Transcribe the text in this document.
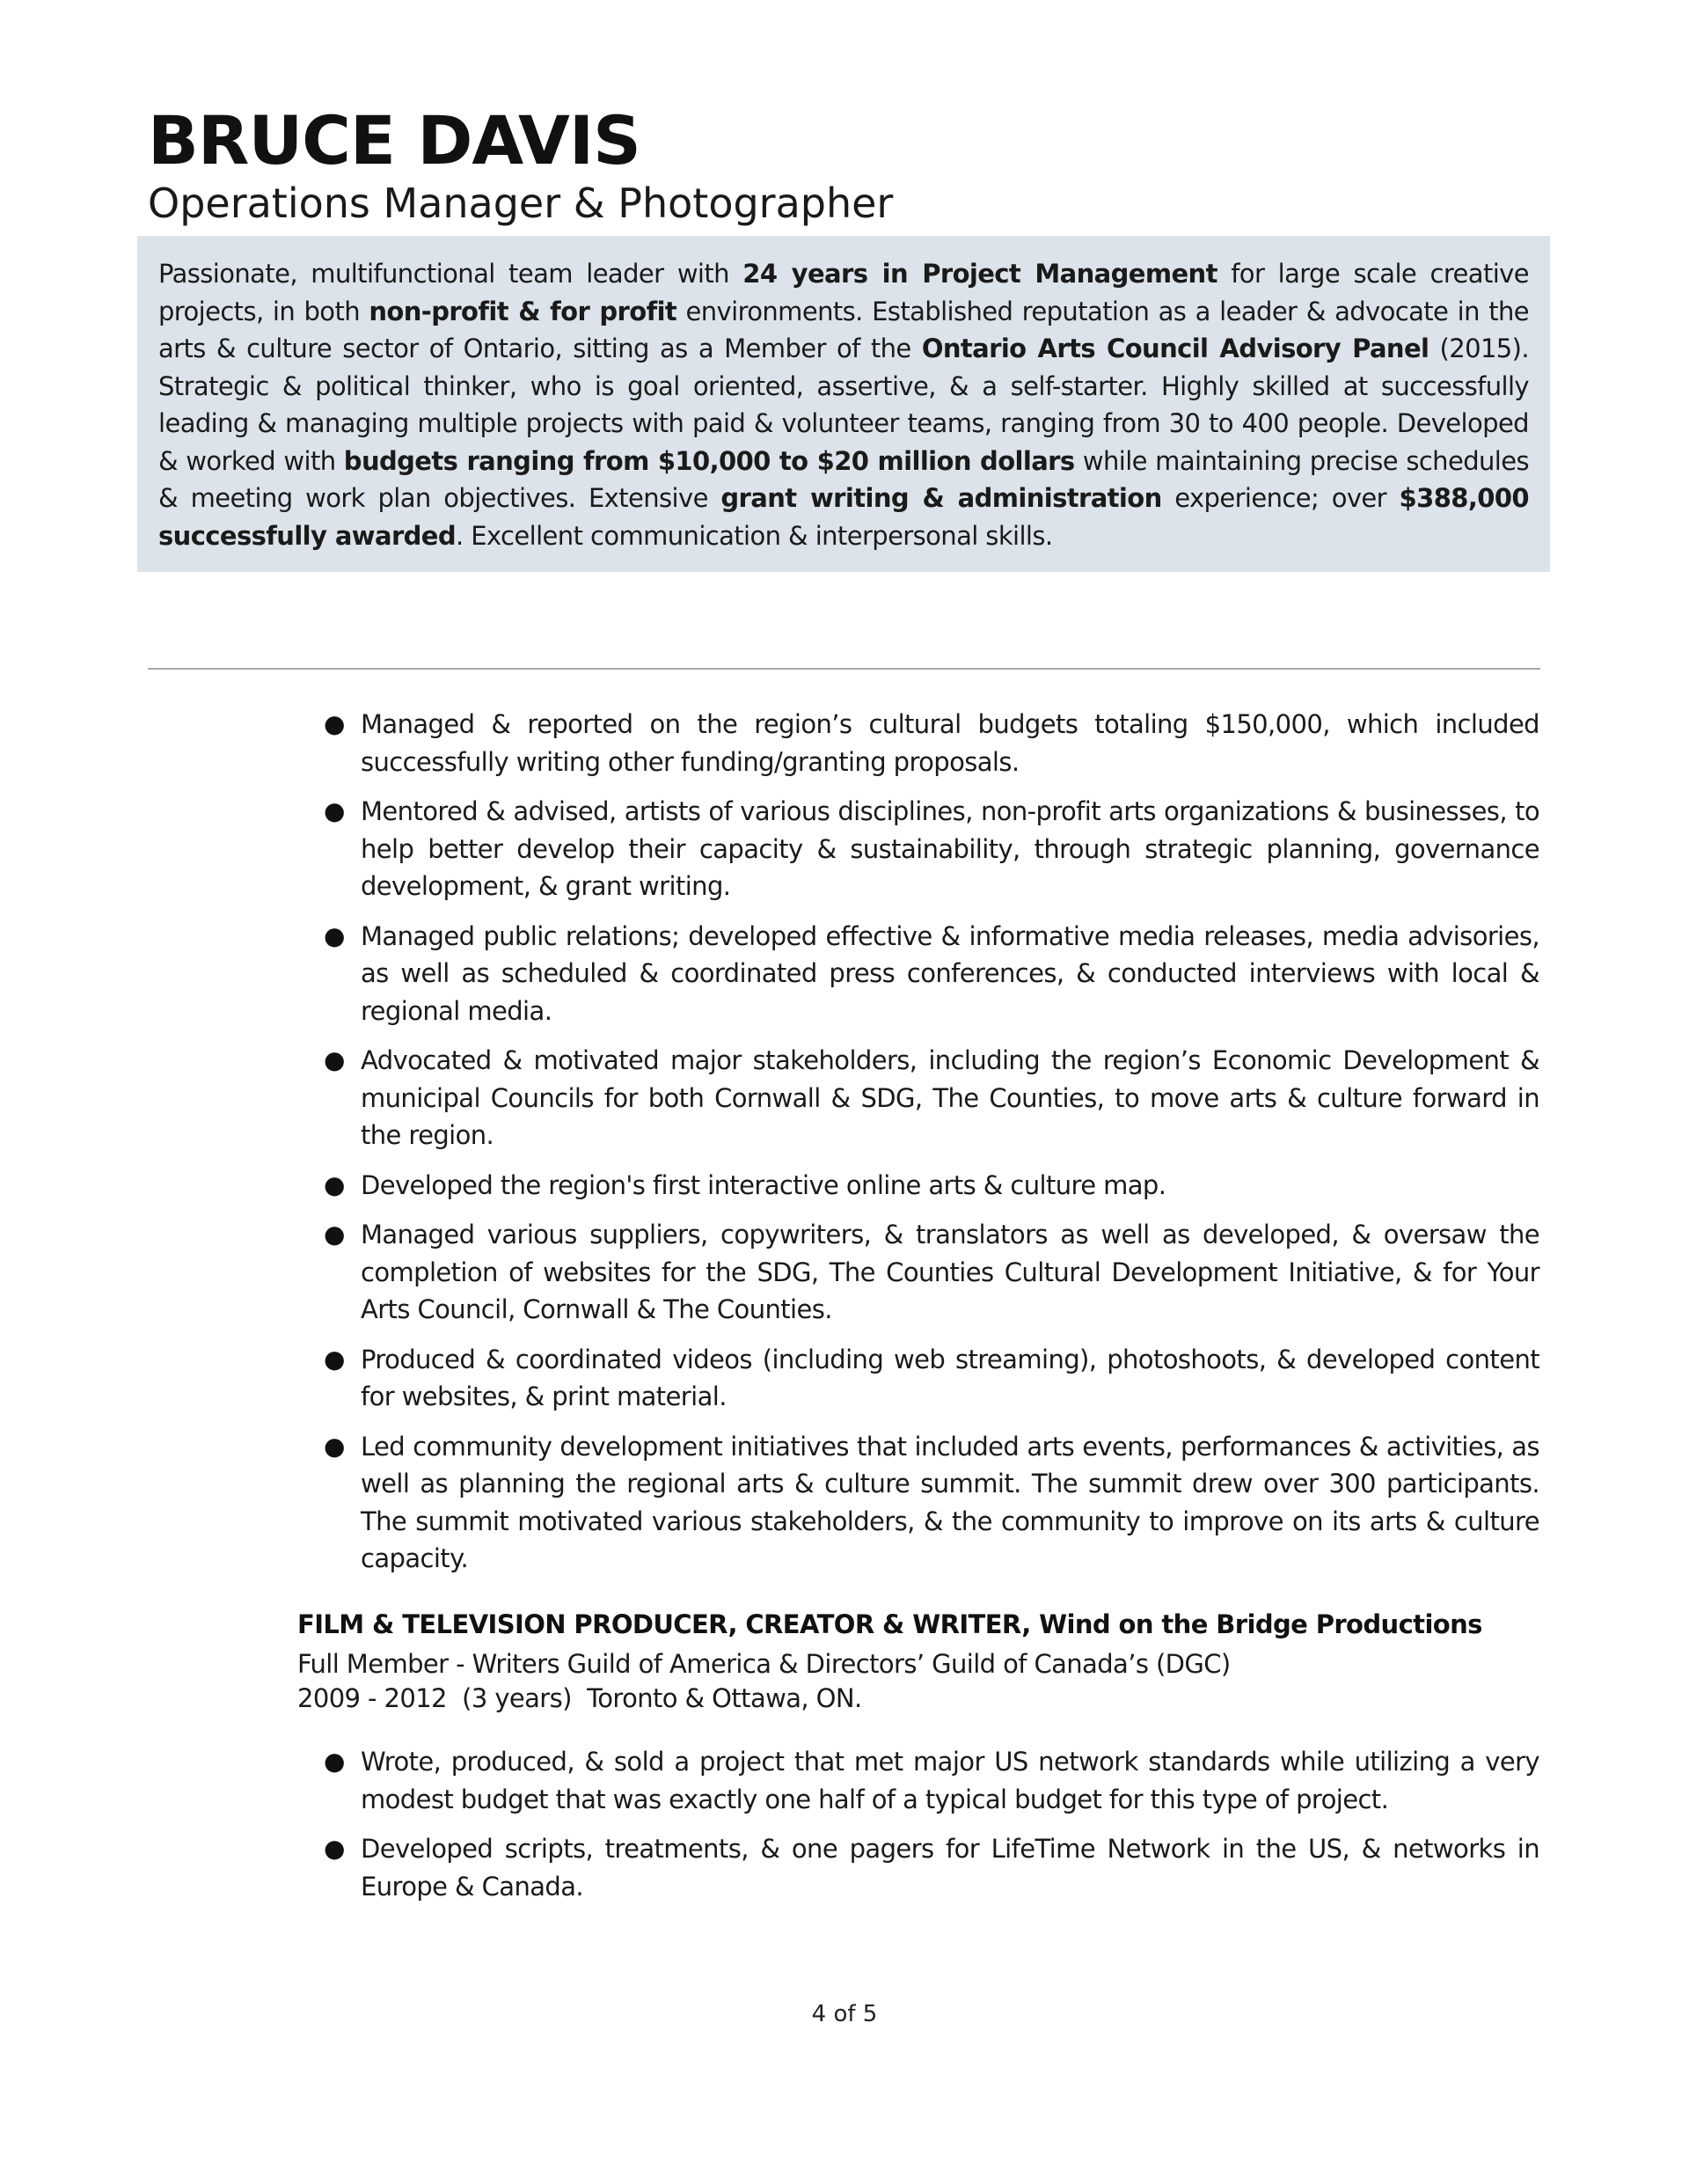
BRUCE DAVIS
Operations Manager & Photographer
Passionate, multifunctional team leader with 24 years in Project Management for large scale creative projects, in both non-profit & for profit environments. Established reputation as a leader & advocate in the arts & culture sector of Ontario, sitting as a Member of the Ontario Arts Council Advisory Panel (2015). Strategic & political thinker, who is goal oriented, assertive, & a self-starter. Highly skilled at successfully leading & managing multiple projects with paid & volunteer teams, ranging from 30 to 400 people. Developed & worked with budgets ranging from $10,000 to $20 million dollars while maintaining precise schedules & meeting work plan objectives. Extensive grant writing & administration experience; over $388,000 successfully awarded. Excellent communication & interpersonal skills.
● Managed & reported on the region’s cultural budgets totaling $150,000, which included successfully writing other funding/granting proposals.
● Mentored & advised, artists of various disciplines, non-profit arts organizations & businesses, to help better develop their capacity & sustainability, through strategic planning, governance development, & grant writing.
● Managed public relations; developed effective & informative media releases, media advisories, as well as scheduled & coordinated press conferences, & conducted interviews with local & regional media.
● Advocated & motivated major stakeholders, including the region’s Economic Development & municipal Councils for both Cornwall & SDG, The Counties, to move arts & culture forward in the region.
● Developed the region's first interactive online arts & culture map.
● Managed various suppliers, copywriters, & translators as well as developed, & oversaw the completion of websites for the SDG, The Counties Cultural Development Initiative, & for Your Arts Council, Cornwall & The Counties.
● Produced & coordinated videos (including web streaming), photoshoots, & developed content for websites, & print material.
● Led community development initiatives that included arts events, performances & activities, as well as planning the regional arts & culture summit. The summit drew over 300 participants. The summit motivated various stakeholders, & the community to improve on its arts & culture capacity.
FILM & TELEVISION PRODUCER, CREATOR & WRITER, Wind on the Bridge Productions
Full Member - Writers Guild of America & Directors’ Guild of Canada’s (DGC)
2009 - 2012  (3 years)  Toronto & Ottawa, ON.
● Wrote, produced, & sold a project that met major US network standards while utilizing a very modest budget that was exactly one half of a typical budget for this type of project.
● Developed scripts, treatments, & one pagers for LifeTime Network in the US, & networks in Europe & Canada.
4 of 5
